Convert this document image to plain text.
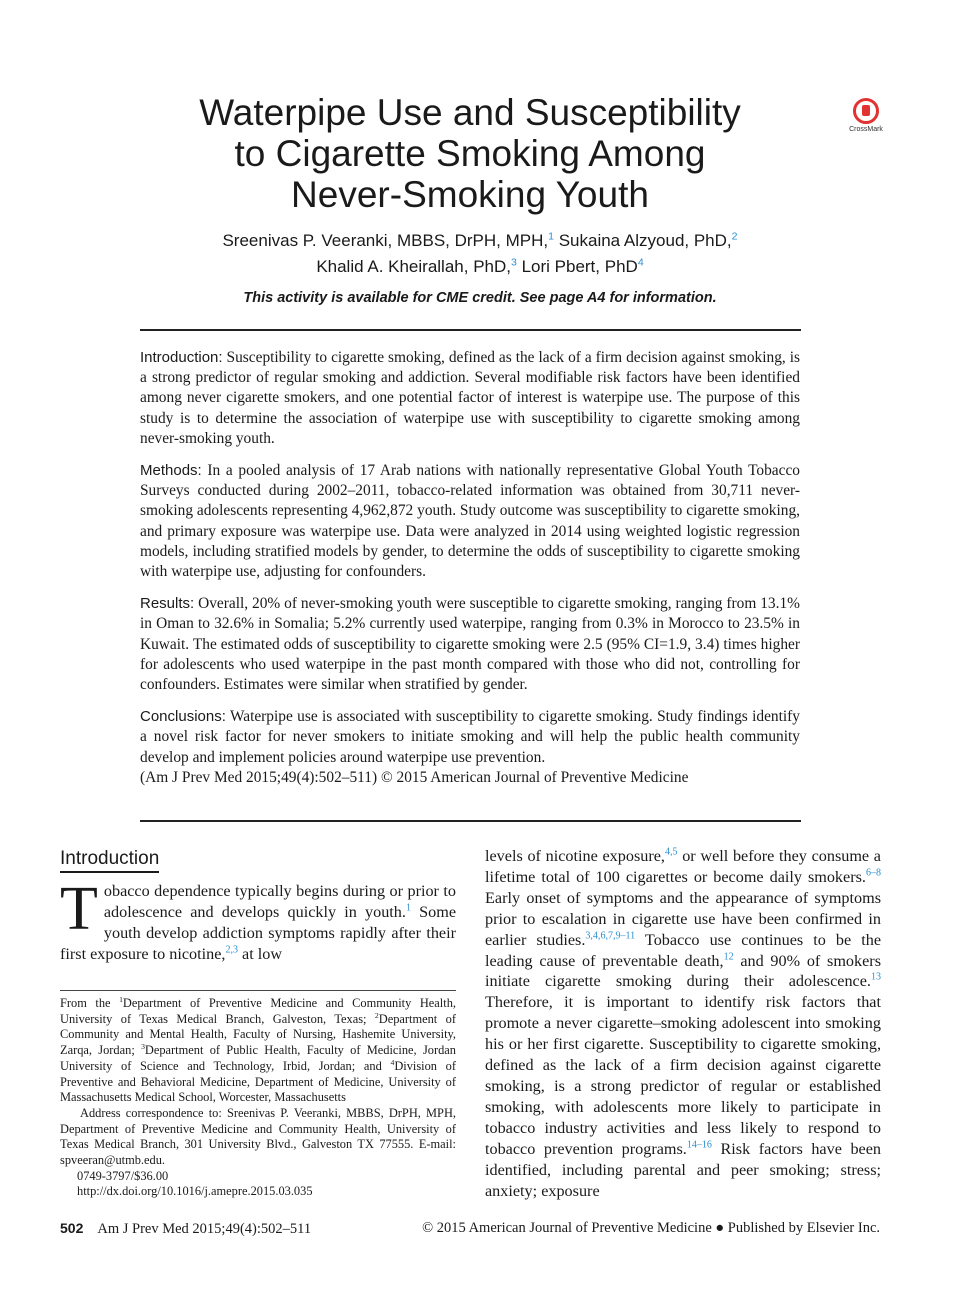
Waterpipe Use and Susceptibility
to Cigarette Smoking Among
Never-Smoking Youth
CrossMark
Sreenivas P. Veeranki, MBBS, DrPH, MPH,$^1$ Sukaina Alzyoud, PhD,$^2$
Khalid A. Kheirallah, PhD,$^3$ Lori Pbert, PhD$^4$
This activity is available for CME credit. See page A4 for information.

Introduction: Susceptibility to cigarette smoking, defined as the lack of a firm decision against smoking, is a strong predictor of regular smoking and addiction. Several modifiable risk factors have been identified among never cigarette smokers, and one potential factor of interest is waterpipe use. The purpose of this study is to determine the association of waterpipe use with susceptibility to cigarette smoking among never-smoking youth.

Methods: In a pooled analysis of 17 Arab nations with nationally representative Global Youth Tobacco Surveys conducted during 2002–2011, tobacco-related information was obtained from 30,711 never-smoking adolescents representing 4,962,872 youth. Study outcome was susceptibility to cigarette smoking, and primary exposure was waterpipe use. Data were analyzed in 2014 using weighted logistic regression models, including stratified models by gender, to determine the odds of susceptibility to cigarette smoking with waterpipe use, adjusting for confounders.

Results: Overall, 20% of never-smoking youth were susceptible to cigarette smoking, ranging from 13.1% in Oman to 32.6% in Somalia; 5.2% currently used waterpipe, ranging from 0.3% in Morocco to 23.5% in Kuwait. The estimated odds of susceptibility to cigarette smoking were 2.5 (95% CI=1.9, 3.4) times higher for adolescents who used waterpipe in the past month compared with those who did not, controlling for confounders. Estimates were similar when stratified by gender.

Conclusions: Waterpipe use is associated with susceptibility to cigarette smoking. Study findings identify a novel risk factor for never smokers to initiate smoking and will help the public health community develop and implement policies around waterpipe use prevention.

(Am J Prev Med 2015;49(4):502–511) © 2015 American Journal of Preventive Medicine

Introduction
Tobacco dependence typically begins during or prior to adolescence and develops quickly in youth.$^1$ Some youth develop addiction symptoms rapidly after their first exposure to nicotine,$^{2,3}$ at low

From the $^1$Department of Preventive Medicine and Community Health, University of Texas Medical Branch, Galveston, Texas; $^2$Department of Community and Mental Health, Faculty of Nursing, Hashemite University, Zarqa, Jordan; $^3$Department of Public Health, Faculty of Medicine, Jordan University of Science and Technology, Irbid, Jordan; and $^4$Division of Preventive and Behavioral Medicine, Department of Medicine, University of Massachusetts Medical School, Worcester, Massachusetts

Address correspondence to: Sreenivas P. Veeranki, MBBS, DrPH, MPH, Department of Preventive Medicine and Community Health, University of Texas Medical Branch, 301 University Blvd., Galveston TX 77555. E-mail: spveeran@utmb.edu.

0749-3797/$36.00

http://dx.doi.org/10.1016/j.amepre.2015.03.035

levels of nicotine exposure,$^{4,5}$ or well before they consume a lifetime total of 100 cigarettes or become daily smokers.$^{6-8}$ Early onset of symptoms and the appearance of symptoms prior to escalation in cigarette use have been confirmed in earlier studies.$^{3,4,6,7,9-11}$ Tobacco use continues to be the leading cause of preventable death,$^{12}$ and 90% of smokers initiate cigarette smoking during their adolescence.$^{13}$ Therefore, it is important to identify risk factors that promote a never cigarette–smoking adolescent into smoking his or her first cigarette. Susceptibility to cigarette smoking, defined as the lack of a firm decision against cigarette smoking, is a strong predictor of regular or established smoking, with adolescents more likely to participate in tobacco industry activities and less likely to respond to tobacco prevention programs.$^{14-16}$ Risk factors have been identified, including parental and peer smoking; stress; anxiety; exposure
502 Am J Prev Med 2015;49(4):502–511	© 2015 American Journal of Preventive Medicine ● Published by Elsevier Inc.
